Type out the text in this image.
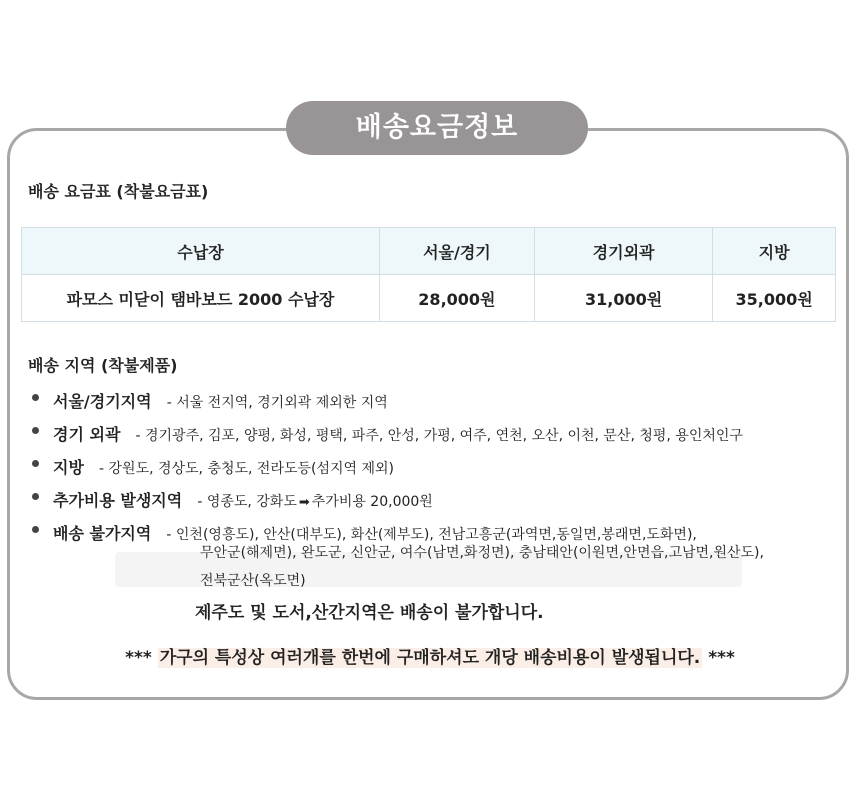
배송요금정보
배송 요금표 (착불요금표)
수납장	서울/경기	경기외곽	지방
파모스 미닫이 탬바보드 2000 수납장	28,000원	31,000원	35,000원
배송 지역 (착불제품)
서울/경기지역 - 서울 전지역, 경기외곽 제외한 지역
경기 외곽 - 경기광주, 김포, 양평, 화성, 평택, 파주, 안성, 가평, 여주, 연천, 오산, 이천, 문산, 청평, 용인처인구
지방 - 강원도, 경상도, 충청도, 전라도등(섬지역 제외)
추가비용 발생지역 - 영종도, 강화도 ➡ 추가비용 20,000원
배송 불가지역 - 인천(영흥도), 안산(대부도), 화산(제부도), 전남고흥군(과역면,동일면,봉래면,도화면),
무안군(해제면), 완도군, 신안군, 여수(남면,화정면), 충남태안(이원면,안면읍,고남면,원산도),
전북군산(옥도면)
제주도 및 도서,산간지역은 배송이 불가합니다.
*** 가구의 특성상 여러개를 한번에 구매하셔도 개당 배송비용이 발생됩니다. ***
